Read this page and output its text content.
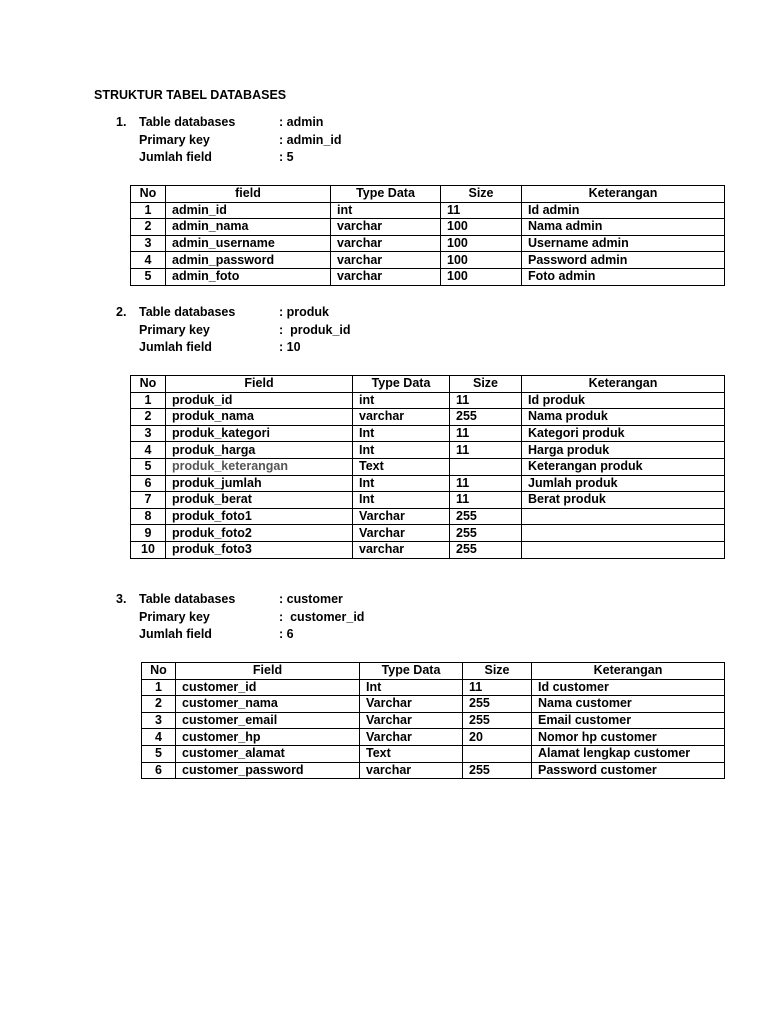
STRUKTUR TABEL DATABASES
1.	Table databases	: admin
Primary key	: admin_id
Jumlah field	: 5
No	field	Type Data	Size	Keterangan
1	admin_id	int	11	Id admin
2	admin_nama	varchar	100	Nama admin
3	admin_username	varchar	100	Username admin
4	admin_password	varchar	100	Password admin
5	admin_foto	varchar	100	Foto admin
2.	Table databases	: produk
Primary key	:  produk_id
Jumlah field	: 10
No	Field	Type Data	Size	Keterangan
1	produk_id	int	11	Id produk
2	produk_nama	varchar	255	Nama produk
3	produk_kategori	Int	11	Kategori produk
4	produk_harga	Int	11	Harga produk
5	produk_keterangan	Text		Keterangan produk
6	produk_jumlah	Int	11	Jumlah produk
7	produk_berat	Int	11	Berat produk
8	produk_foto1	Varchar	255	
9	produk_foto2	Varchar	255	
10	produk_foto3	varchar	255	
3.	Table databases	: customer
Primary key	:  customer_id
Jumlah field	: 6
No	Field	Type Data	Size	Keterangan
1	customer_id	Int	11	Id customer
2	customer_nama	Varchar	255	Nama customer
3	customer_email	Varchar	255	Email customer
4	customer_hp	Varchar	20	Nomor hp customer
5	customer_alamat	Text		Alamat lengkap customer
6	customer_password	varchar	255	Password customer
